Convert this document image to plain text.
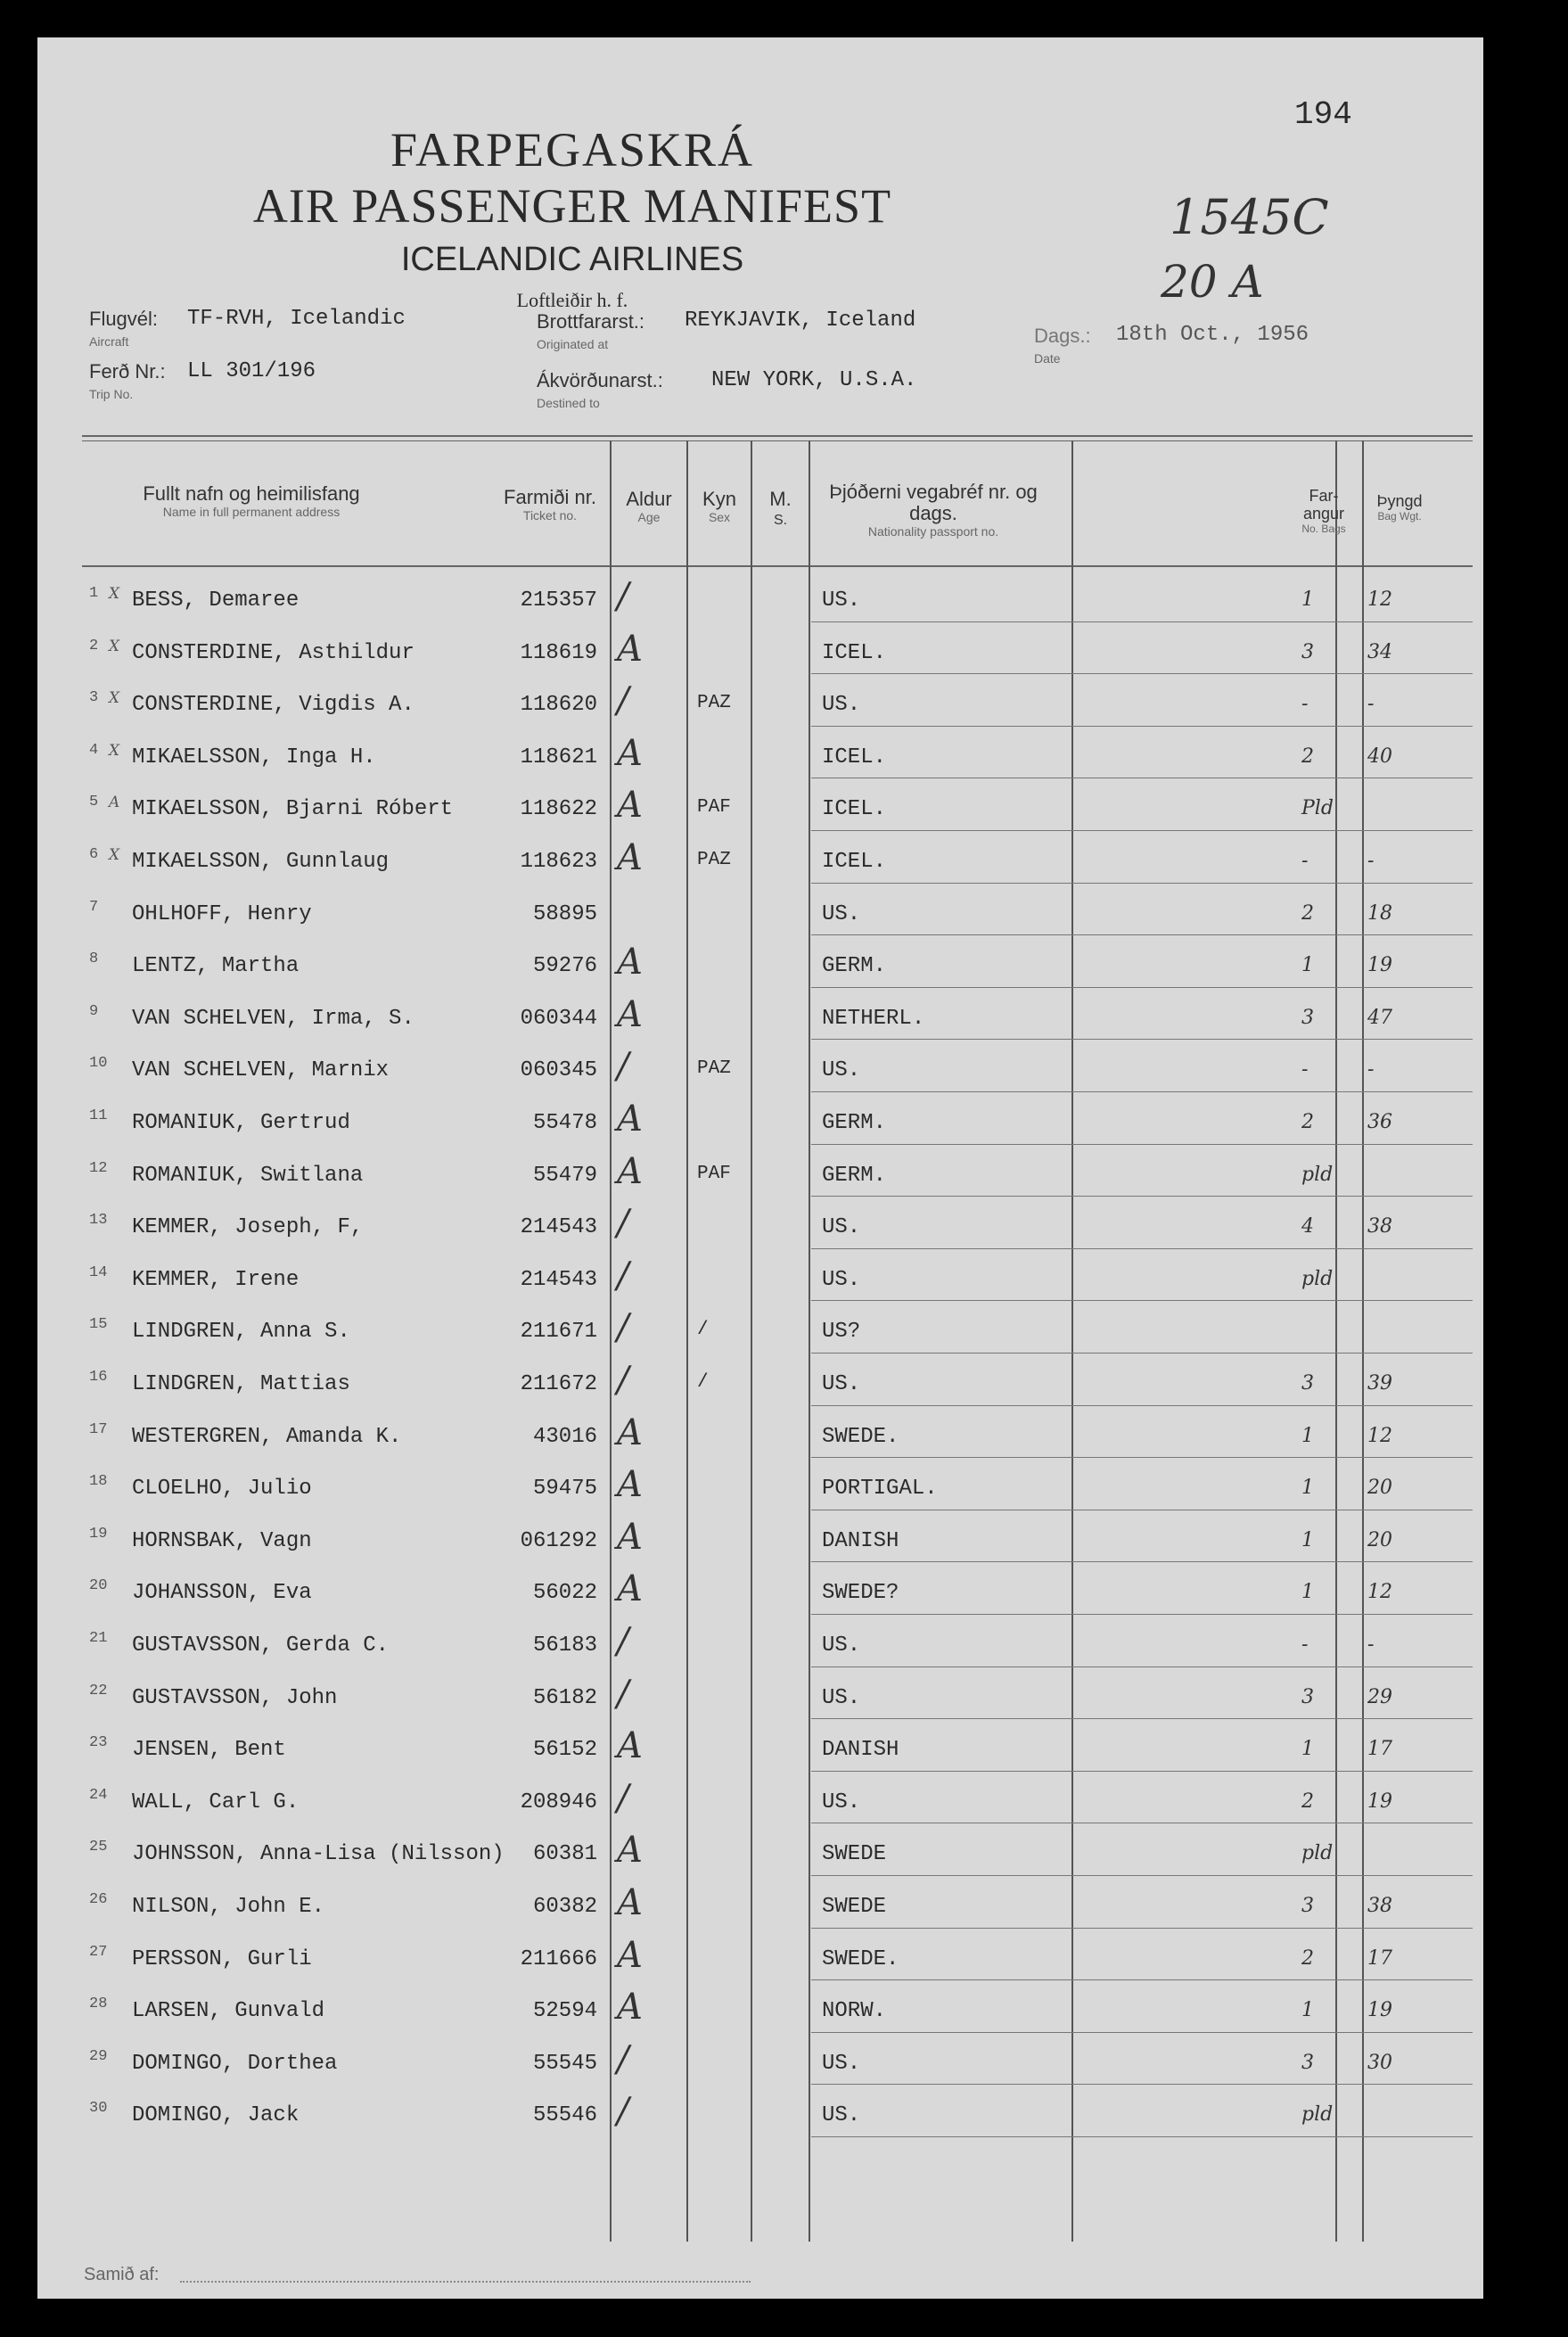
194
1545C
20 A
FARPEGASKRÁ
AIR PASSENGER MANIFEST
ICELANDIC AIRLINES
Loftleiðir h. f.
Flugvél:
Aircraft
TF-RVH, Icelandic
Ferð Nr.:
Trip No.
LL 301/196
Brottfararst.:
Originated at
REYKJAVIK, Iceland
Ákvörðunarst.:
Destined to
NEW YORK, U.S.A.
Dags.:
Date
18th Oct., 1956
Fullt nafn og heimilisfang
Name in full permanent address
Farmiði nr.
Ticket no.
Aldur
Age
Kyn
Sex
M.
S.
Þjóðerni vegabréf nr. og dags.
Nationality passport no.
Far-angur
No. Bags
Þyngd
Bag Wgt.
1 X BESS, Demaree	215357 /	US.	1	12
2 X CONSTERDINE, Asthildur	118619 A	ICEL.	3	34
3 X CONSTERDINE, Vigdis A.	118620 /	PAZ	US.	-	-
4 X MIKAELSSON, Inga H.	118621 A	ICEL.	2	40
5 A MIKAELSSON, Bjarni Róbert	118622 A	PAF	ICEL.	Pld
6 X MIKAELSSON, Gunnlaug	118623 A	PAZ	ICEL.	-	-
7	OHLHOFF, Henry	58895	US.	2	18
8	LENTZ, Martha	59276 A	GERM.	1	19
9	VAN SCHELVEN, Irma, S.	060344 A	NETHERL.	3	47
10	VAN SCHELVEN, Marnix	060345 /	PAZ	US.	-	-
11	ROMANIUK, Gertrud	55478 A	GERM.	2	36
12	ROMANIUK, Switlana	55479 A	PAF	GERM.	pld
13	KEMMER, Joseph, F,	214543 /	US.	4	38
14	KEMMER, Irene	214543 /	US.	pld
15	LINDGREN, Anna S.	211671 /	/	US?
16	LINDGREN, Mattias	211672 /	/	US.	3	39
17	WESTERGREN, Amanda K.	43016 A	SWEDE.	1	12
18	CLOELHO, Julio	59475 A	PORTIGAL.	1	20
19	HORNSBAK, Vagn	061292 A	DANISH	1	20
20	JOHANSSON, Eva	56022 A	SWEDE?	1	12
21	GUSTAVSSON, Gerda C.	56183 /	US.	-	-
22	GUSTAVSSON, John	56182 /	US.	3	29
23	JENSEN, Bent	56152 A	DANISH	1	17
24	WALL, Carl G.	208946 /	US.	2	19
25	JOHNSSON, Anna-Lisa (Nilsson)	60381 A	SWEDE	pld
26	NILSON, John E.	60382 A	SWEDE	3	38
27	PERSSON, Gurli	211666 A	SWEDE.	2	17
28	LARSEN, Gunvald	52594 A	NORW.	1	19
29	DOMINGO, Dorthea	55545 /	US.	3	30
30	DOMINGO, Jack	55546 /	US.	pld
Samið af:
